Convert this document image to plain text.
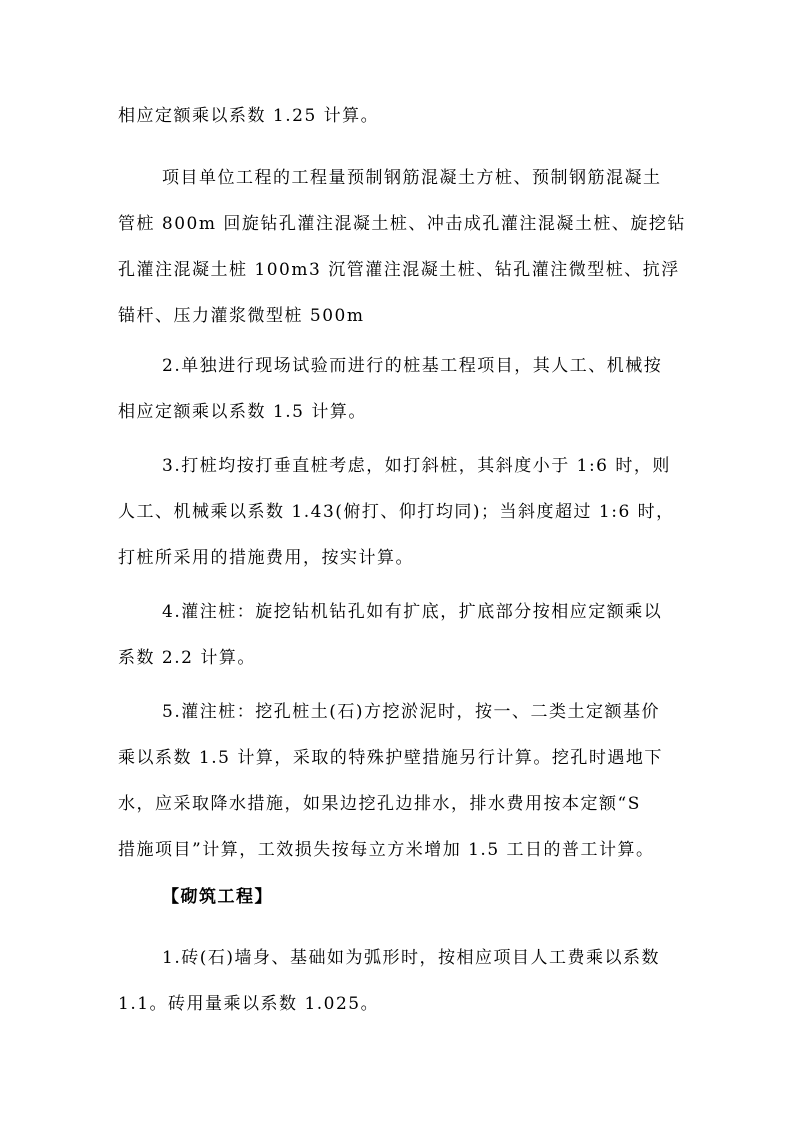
相应定额乘以系数 1.25 计算。
项目单位工程的工程量预制钢筋混凝土方桩、预制钢筋混凝土
管桩 800m 回旋钻孔灌注混凝土桩、冲击成孔灌注混凝土桩、旋挖钻
孔灌注混凝土桩 100m3 沉管灌注混凝土桩、钻孔灌注微型桩、抗浮
锚杆、压力灌浆微型桩 500m
2.单独进行现场试验而进行的桩基工程项目，其人工、机械按
相应定额乘以系数 1.5 计算。
3.打桩均按打垂直桩考虑，如打斜桩，其斜度小于 1:6 时，则
人工、机械乘以系数 1.43(俯打、仰打均同)；当斜度超过 1:6 时，
打桩所采用的措施费用，按实计算。
4.灌注桩：旋挖钻机钻孔如有扩底，扩底部分按相应定额乘以
系数 2.2 计算。
5.灌注桩：挖孔桩土(石)方挖淤泥时，按一、二类土定额基价
乘以系数 1.5 计算，采取的特殊护壁措施另行计算。挖孔时遇地下
水，应采取降水措施，如果边挖孔边排水，排水费用按本定额“S
措施项目”计算，工效损失按每立方米增加 1.5 工日的普工计算。
【砌筑工程】
1.砖(石)墙身、基础如为弧形时，按相应项目人工费乘以系数
1.1。砖用量乘以系数 1.025。
